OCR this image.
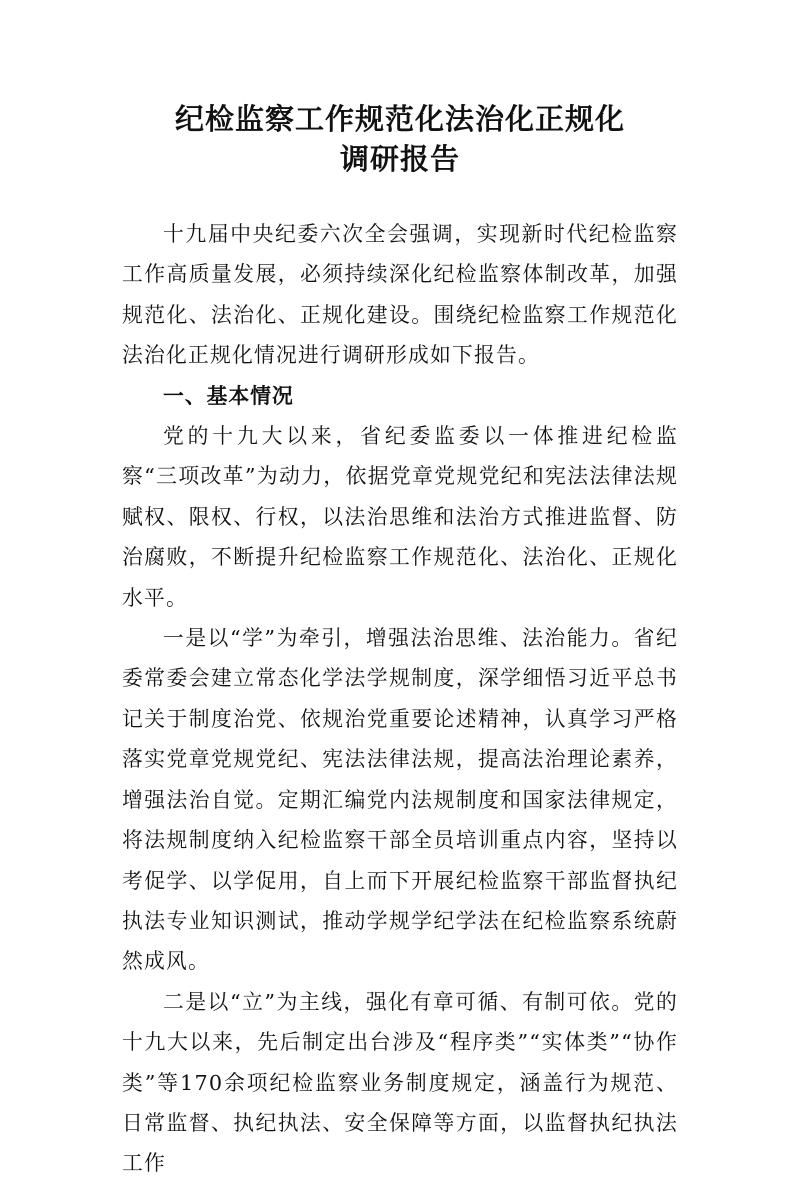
纪检监察工作规范化法治化正规化
调研报告

十九届中央纪委六次全会强调，实现新时代纪检监察工作高质量发展，必须持续深化纪检监察体制改革，加强规范化、法治化、正规化建设。围绕纪检监察工作规范化法治化正规化情况进行调研形成如下报告。

一、基本情况

党的十九大以来，省纪委监委以一体推进纪检监察“三项改革”为动力，依据党章党规党纪和宪法法律法规赋权、限权、行权，以法治思维和法治方式推进监督、防治腐败，不断提升纪检监察工作规范化、法治化、正规化水平。

一是以“学”为牵引，增强法治思维、法治能力。省纪委常委会建立常态化学法学规制度，深学细悟习近平总书记关于制度治党、依规治党重要论述精神，认真学习严格落实党章党规党纪、宪法法律法规，提高法治理论素养，增强法治自觉。定期汇编党内法规制度和国家法律规定，将法规制度纳入纪检监察干部全员培训重点内容，坚持以考促学、以学促用，自上而下开展纪检监察干部监督执纪执法专业知识测试，推动学规学纪学法在纪检监察系统蔚然成风。

二是以“立”为主线，强化有章可循、有制可依。党的十九大以来，先后制定出台涉及“程序类”“实体类”“协作类”等170余项纪检监察业务制度规定，涵盖行为规范、日常监督、执纪执法、安全保障等方面，以监督执纪执法工作
